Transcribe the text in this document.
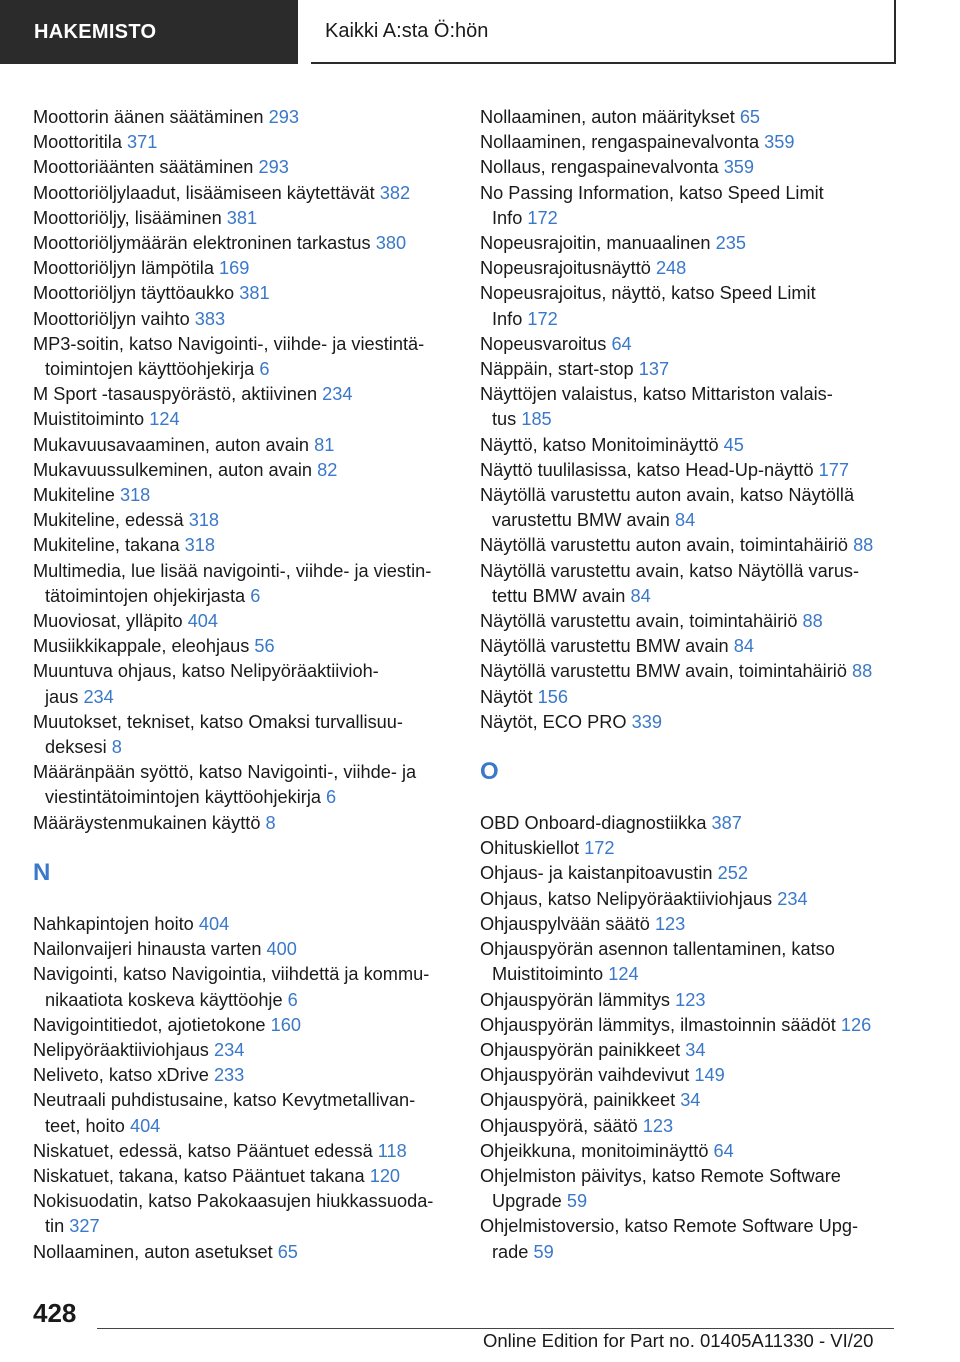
HAKEMISTO	Kaikki A:sta Ö:hön
Moottorin äänen säätäminen 293
Moottoritila 371
Moottoriäänten säätäminen 293
Moottoriöljylaadut, lisäämiseen käytettävät 382
Moottoriöljy, lisääminen 381
Moottoriöljymäärän elektroninen tarkastus 380
Moottoriöljyn lämpötila 169
Moottoriöljyn täyttöaukko 381
Moottoriöljyn vaihto 383
MP3-soitin, katso Navigointi-, viihde- ja viestintä-
toimintojen käyttöohjekirja 6
M Sport -tasauspyörästö, aktiivinen 234
Muistitoiminto 124
Mukavuusavaaminen, auton avain 81
Mukavuussulkeminen, auton avain 82
Mukiteline 318
Mukiteline, edessä 318
Mukiteline, takana 318
Multimedia, lue lisää navigointi-, viihde- ja viestin-
tätoimintojen ohjekirjasta 6
Muoviosat, ylläpito 404
Musiikkikappale, eleohjaus 56
Muuntuva ohjaus, katso Nelipyöräaktiivioh-
jaus 234
Muutokset, tekniset, katso Omaksi turvallisuu-
deksesi 8
Määränpään syöttö, katso Navigointi-, viihde- ja
viestintätoimintojen käyttöohjekirja 6
Määräystenmukainen käyttö 8
N
Nahkapintojen hoito 404
Nailonvaijeri hinausta varten 400
Navigointi, katso Navigointia, viihdettä ja kommu-
nikaatiota koskeva käyttöohje 6
Navigointitiedot, ajotietokone 160
Nelipyöräaktiiviohjaus 234
Neliveto, katso xDrive 233
Neutraali puhdistusaine, katso Kevytmetallivan-
teet, hoito 404
Niskatuet, edessä, katso Pääntuet edessä 118
Niskatuet, takana, katso Pääntuet takana 120
Nokisuodatin, katso Pakokaasujen hiukkassuoda-
tin 327
Nollaaminen, auton asetukset 65
Nollaaminen, auton määritykset 65
Nollaaminen, rengaspainevalvonta 359
Nollaus, rengaspainevalvonta 359
No Passing Information, katso Speed Limit
Info 172
Nopeusrajoitin, manuaalinen 235
Nopeusrajoitusnäyttö 248
Nopeusrajoitus, näyttö, katso Speed Limit
Info 172
Nopeusvaroitus 64
Näppäin, start-stop 137
Näyttöjen valaistus, katso Mittariston valais-
tus 185
Näyttö, katso Monitoiminäyttö 45
Näyttö tuulilasissa, katso Head-Up-näyttö 177
Näytöllä varustettu auton avain, katso Näytöllä
varustettu BMW avain 84
Näytöllä varustettu auton avain, toimintahäiriö 88
Näytöllä varustettu avain, katso Näytöllä varus-
tettu BMW avain 84
Näytöllä varustettu avain, toimintahäiriö 88
Näytöllä varustettu BMW avain 84
Näytöllä varustettu BMW avain, toimintahäiriö 88
Näytöt 156
Näytöt, ECO PRO 339
O
OBD Onboard-diagnostiikka 387
Ohituskiellot 172
Ohjaus- ja kaistanpitoavustin 252
Ohjaus, katso Nelipyöräaktiiviohjaus 234
Ohjauspylvään säätö 123
Ohjauspyörän asennon tallentaminen, katso
Muistitoiminto 124
Ohjauspyörän lämmitys 123
Ohjauspyörän lämmitys, ilmastoinnin säädöt 126
Ohjauspyörän painikkeet 34
Ohjauspyörän vaihdevivut 149
Ohjauspyörä, painikkeet 34
Ohjauspyörä, säätö 123
Ohjeikkuna, monitoiminäyttö 64
Ohjelmiston päivitys, katso Remote Software
Upgrade 59
Ohjelmistoversio, katso Remote Software Upg-
rade 59
428
Online Edition for Part no. 01405A11330 - VI/20
